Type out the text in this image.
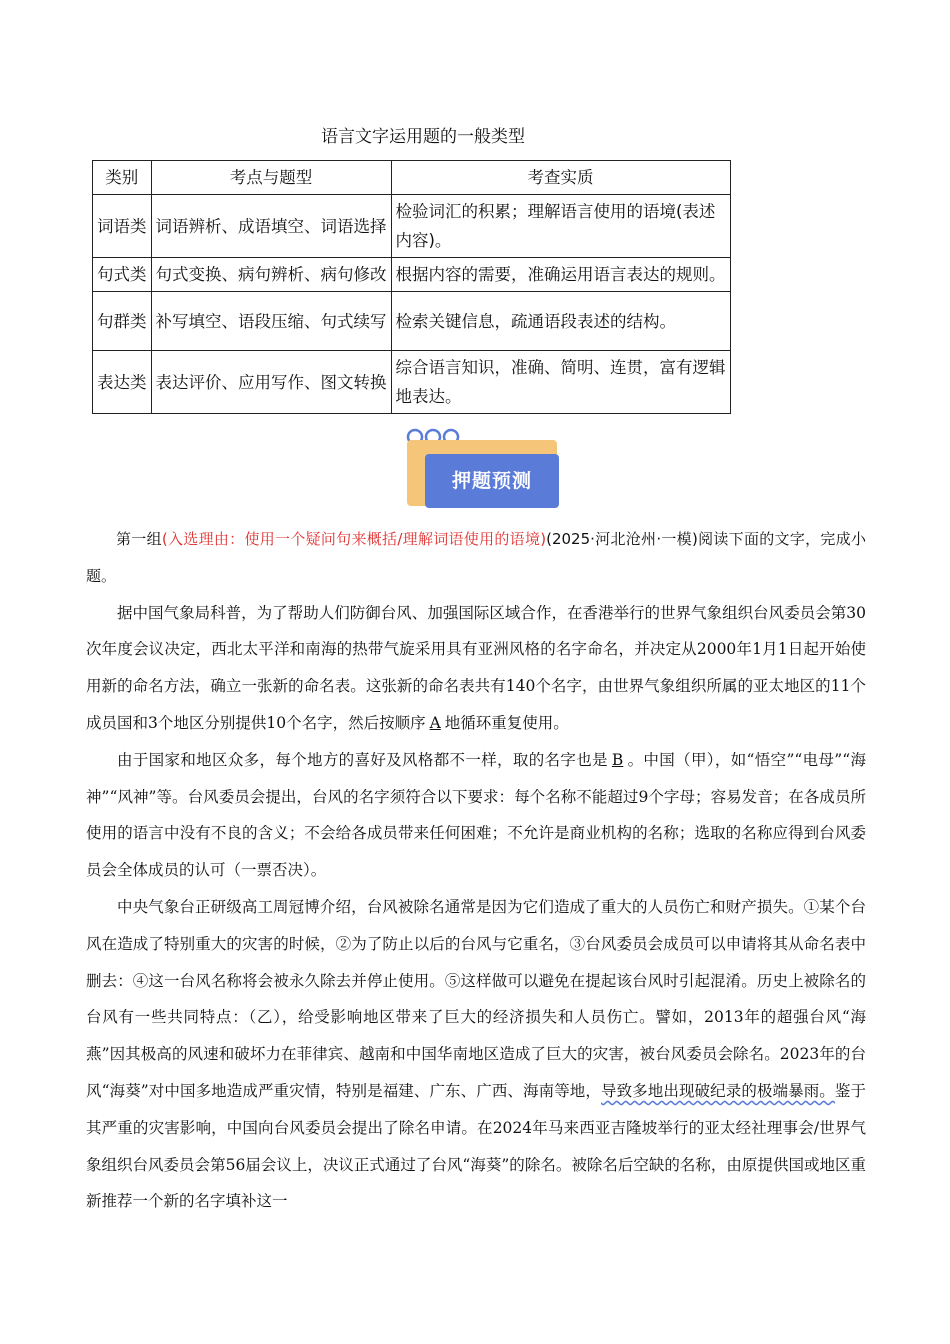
语言文字运用题的一般类型
类别	考点与题型	考查实质
词语类	词语辨析、成语填空、词语选择	检验词汇的积累；理解语言使用的语境(表述内容)。
句式类	句式变换、病句辨析、病句修改	根据内容的需要，准确运用语言表达的规则。
句群类	补写填空、语段压缩、句式续写	检索关键信息，疏通语段表述的结构。
表达类	表达评价、应用写作、图文转换	综合语言知识，准确、简明、连贯，富有逻辑地表达。
押题预测

第一组(入选理由：使用一个疑问句来概括/理解词语使用的语境)(2025·河北沧州·一模)阅读下面的文字，完成小题。

据中国气象局科普，为了帮助人们防御台风、加强国际区域合作，在香港举行的世界气象组织台风委员会第30次年度会议决定，西北太平洋和南海的热带气旋采用具有亚洲风格的名字命名，并决定从2000年1月1日起开始使用新的命名方法，确立一张新的命名表。这张新的命名表共有140个名字，由世界气象组织所属的亚太地区的11个成员国和3个地区分别提供10个名字，然后按顺序 A 地循环重复使用。

由于国家和地区众多，每个地方的喜好及风格都不一样，取的名字也是 B 。中国（甲），如“悟空”“电母”“海神”“风神”等。台风委员会提出，台风的名字须符合以下要求：每个名称不能超过9个字母；容易发音；在各成员所使用的语言中没有不良的含义；不会给各成员带来任何困难；不允许是商业机构的名称；选取的名称应得到台风委员会全体成员的认可（一票否决）。

中央气象台正研级高工周冠博介绍，台风被除名通常是因为它们造成了重大的人员伤亡和财产损失。①某个台风在造成了特别重大的灾害的时候，②为了防止以后的台风与它重名，③台风委员会成员可以申请将其从命名表中删去：④这一台风名称将会被永久除去并停止使用。⑤这样做可以避免在提起该台风时引起混淆。历史上被除名的台风有一些共同特点：（乙），给受影响地区带来了巨大的经济损失和人员伤亡。譬如，2013年的超强台风“海燕”因其极高的风速和破坏力在菲律宾、越南和中国华南地区造成了巨大的灾害，被台风委员会除名。2023年的台风“海葵”对中国多地造成严重灾情，特别是福建、广东、广西、海南等地，导致多地出现破纪录的极端暴雨。鉴于其严重的灾害影响，中国向台风委员会提出了除名申请。在2024年马来西亚吉隆坡举行的亚太经社理事会/世界气象组织台风委员会第56届会议上，决议正式通过了台风“海葵”的除名。被除名后空缺的名称，由原提供国或地区重新推荐一个新的名字填补这一
